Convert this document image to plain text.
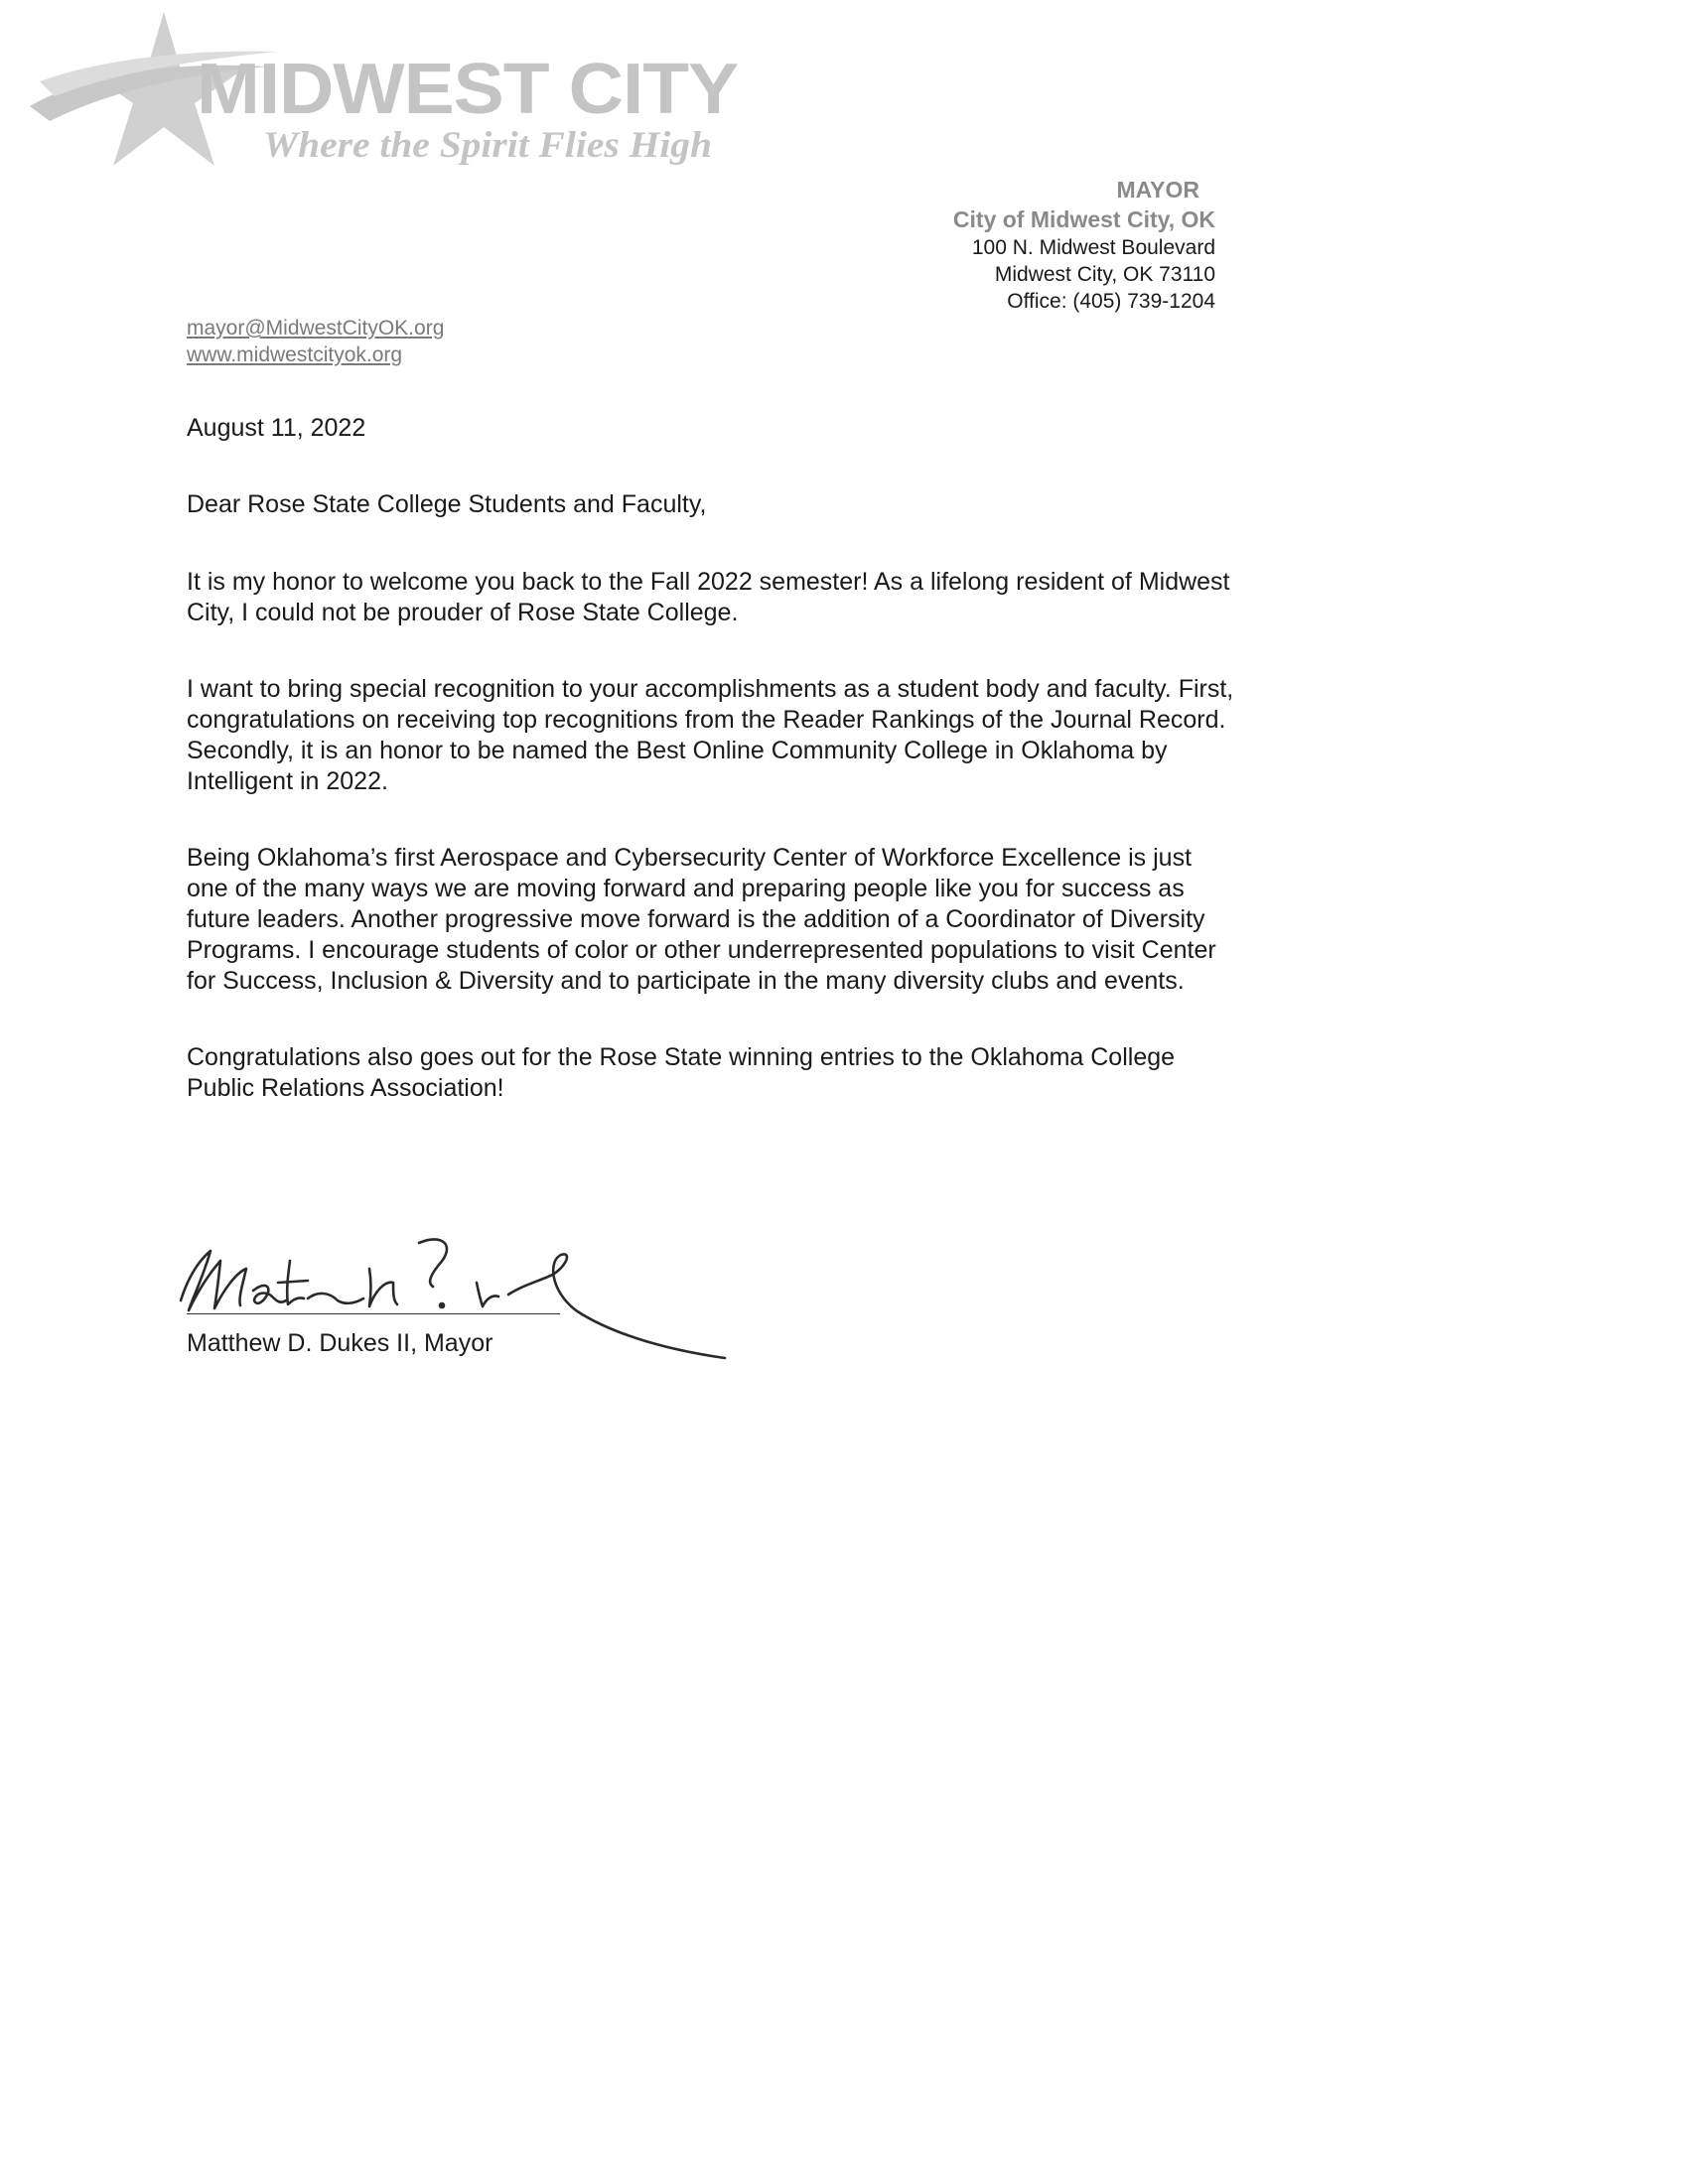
MIDWEST CITY
Where the Spirit Flies High
MAYOR
City of Midwest City, OK
100 N. Midwest Boulevard
Midwest City, OK 73110
Office: (405) 739-1204
mayor@MidwestCityOK.org
www.midwestcityok.org

August 11, 2022

Dear Rose State College Students and Faculty,

It is my honor to welcome you back to the Fall 2022 semester! As a lifelong resident of Midwest City, I could not be prouder of Rose State College.

I want to bring special recognition to your accomplishments as a student body and faculty. First, congratulations on receiving top recognitions from the Reader Rankings of the Journal Record. Secondly, it is an honor to be named the Best Online Community College in Oklahoma by Intelligent in 2022.

Being Oklahoma’s first Aerospace and Cybersecurity Center of Workforce Excellence is just one of the many ways we are moving forward and preparing people like you for success as future leaders. Another progressive move forward is the addition of a Coordinator of Diversity Programs. I encourage students of color or other underrepresented populations to visit Center for Success, Inclusion & Diversity and to participate in the many diversity clubs and events.

Congratulations also goes out for the Rose State winning entries to the Oklahoma College Public Relations Association!

Matthew D. Dukes II, Mayor
